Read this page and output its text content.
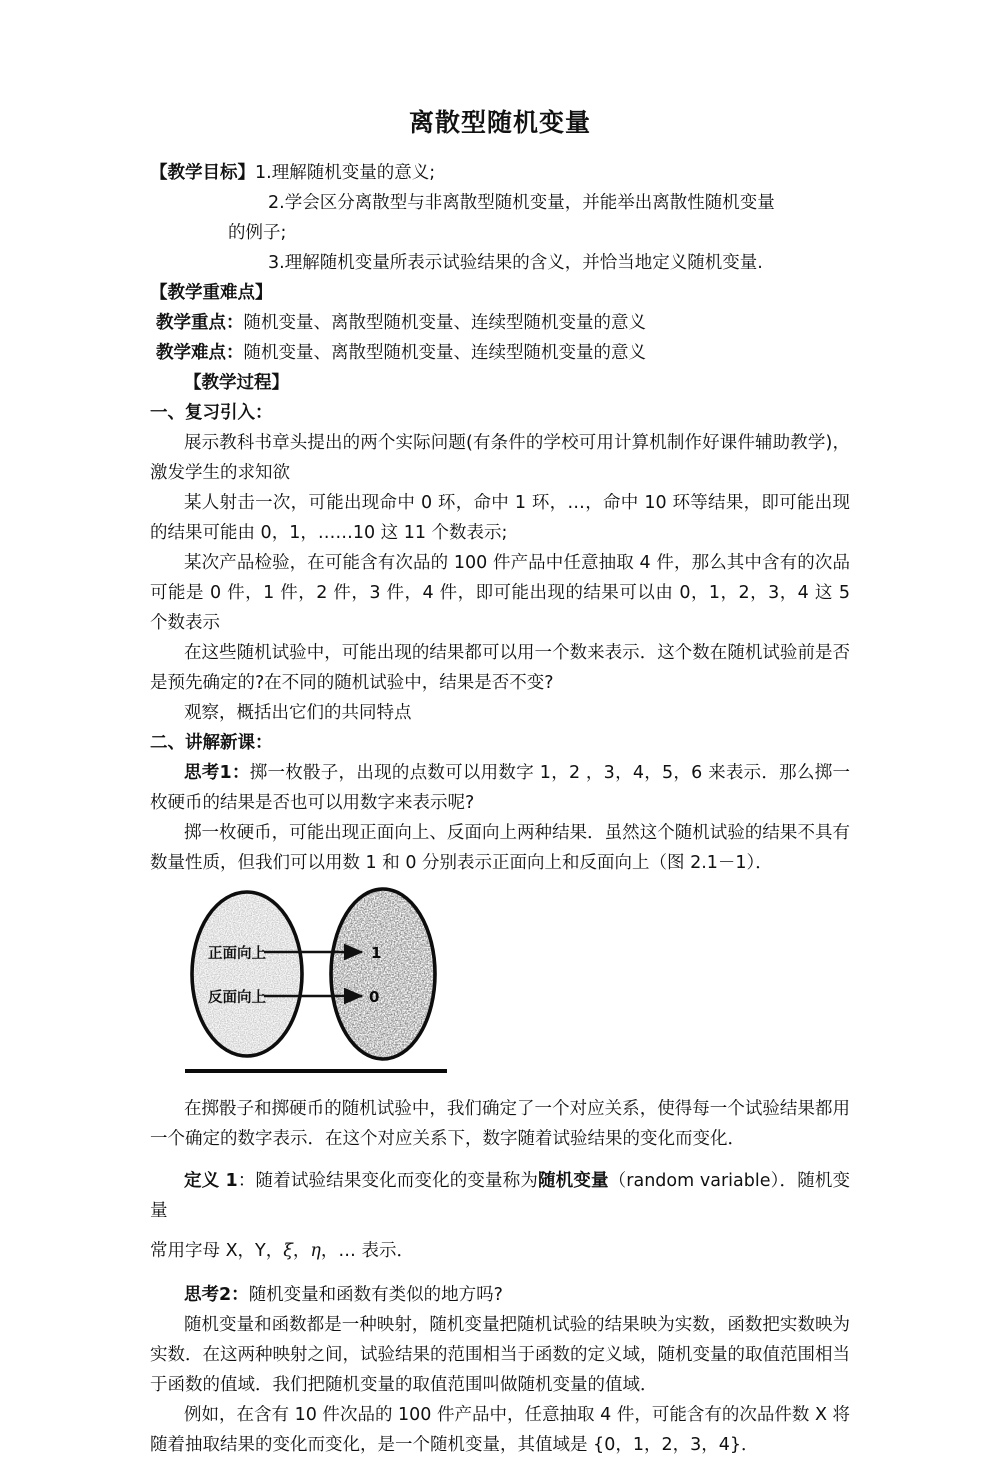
离散型随机变量

【教学目标】1.理解随机变量的意义;

2.学会区分离散型与非离散型随机变量，并能举出离散性随机变量

的例子;

3.理解随机变量所表示试验结果的含义，并恰当地定义随机变量.

【教学重难点】

教学重点：随机变量、离散型随机变量、连续型随机变量的意义

教学难点：随机变量、离散型随机变量、连续型随机变量的意义

【教学过程】

一、复习引入：

展示教科书章头提出的两个实际问题(有条件的学校可用计算机制作好课件辅助教学)，激发学生的求知欲

某人射击一次，可能出现命中 0 环，命中 1 环，…，命中 10 环等结果，即可能出现的结果可能由 0，1，……10 这 11 个数表示;

某次产品检验，在可能含有次品的 100 件产品中任意抽取 4 件，那么其中含有的次品可能是 0 件，1 件，2 件，3 件，4 件，即可能出现的结果可以由 0，1，2，3，4 这 5 个数表示

在这些随机试验中，可能出现的结果都可以用一个数来表示．这个数在随机试验前是否是预先确定的?在不同的随机试验中，结果是否不变?

观察，概括出它们的共同特点

二、讲解新课：

思考1：掷一枚骰子，出现的点数可以用数字 1，2 ，3，4，5，6 来表示．那么掷一枚硬币的结果是否也可以用数字来表示呢?

掷一枚硬币，可能出现正面向上、反面向上两种结果．虽然这个随机试验的结果不具有数量性质，但我们可以用数 1 和 0 分别表示正面向上和反面向上（图 2.1－1）．

正面向上
反面向上
1
0

在掷骰子和掷硬币的随机试验中，我们确定了一个对应关系，使得每一个试验结果都用一个确定的数字表示．在这个对应关系下，数字随着试验结果的变化而变化．

定义 1：随着试验结果变化而变化的变量称为随机变量（random variable）．随机变量

常用字母 X，Y，ξ，η，… 表示．

思考2：随机变量和函数有类似的地方吗?

随机变量和函数都是一种映射，随机变量把随机试验的结果映为实数，函数把实数映为实数．在这两种映射之间，试验结果的范围相当于函数的定义域，随机变量的取值范围相当于函数的值域．我们把随机变量的取值范围叫做随机变量的值域．

例如，在含有 10 件次品的 100 件产品中，任意抽取 4 件，可能含有的次品件数 X 将随着抽取结果的变化而变化，是一个随机变量，其值域是 {0，1，2，3，4}．
